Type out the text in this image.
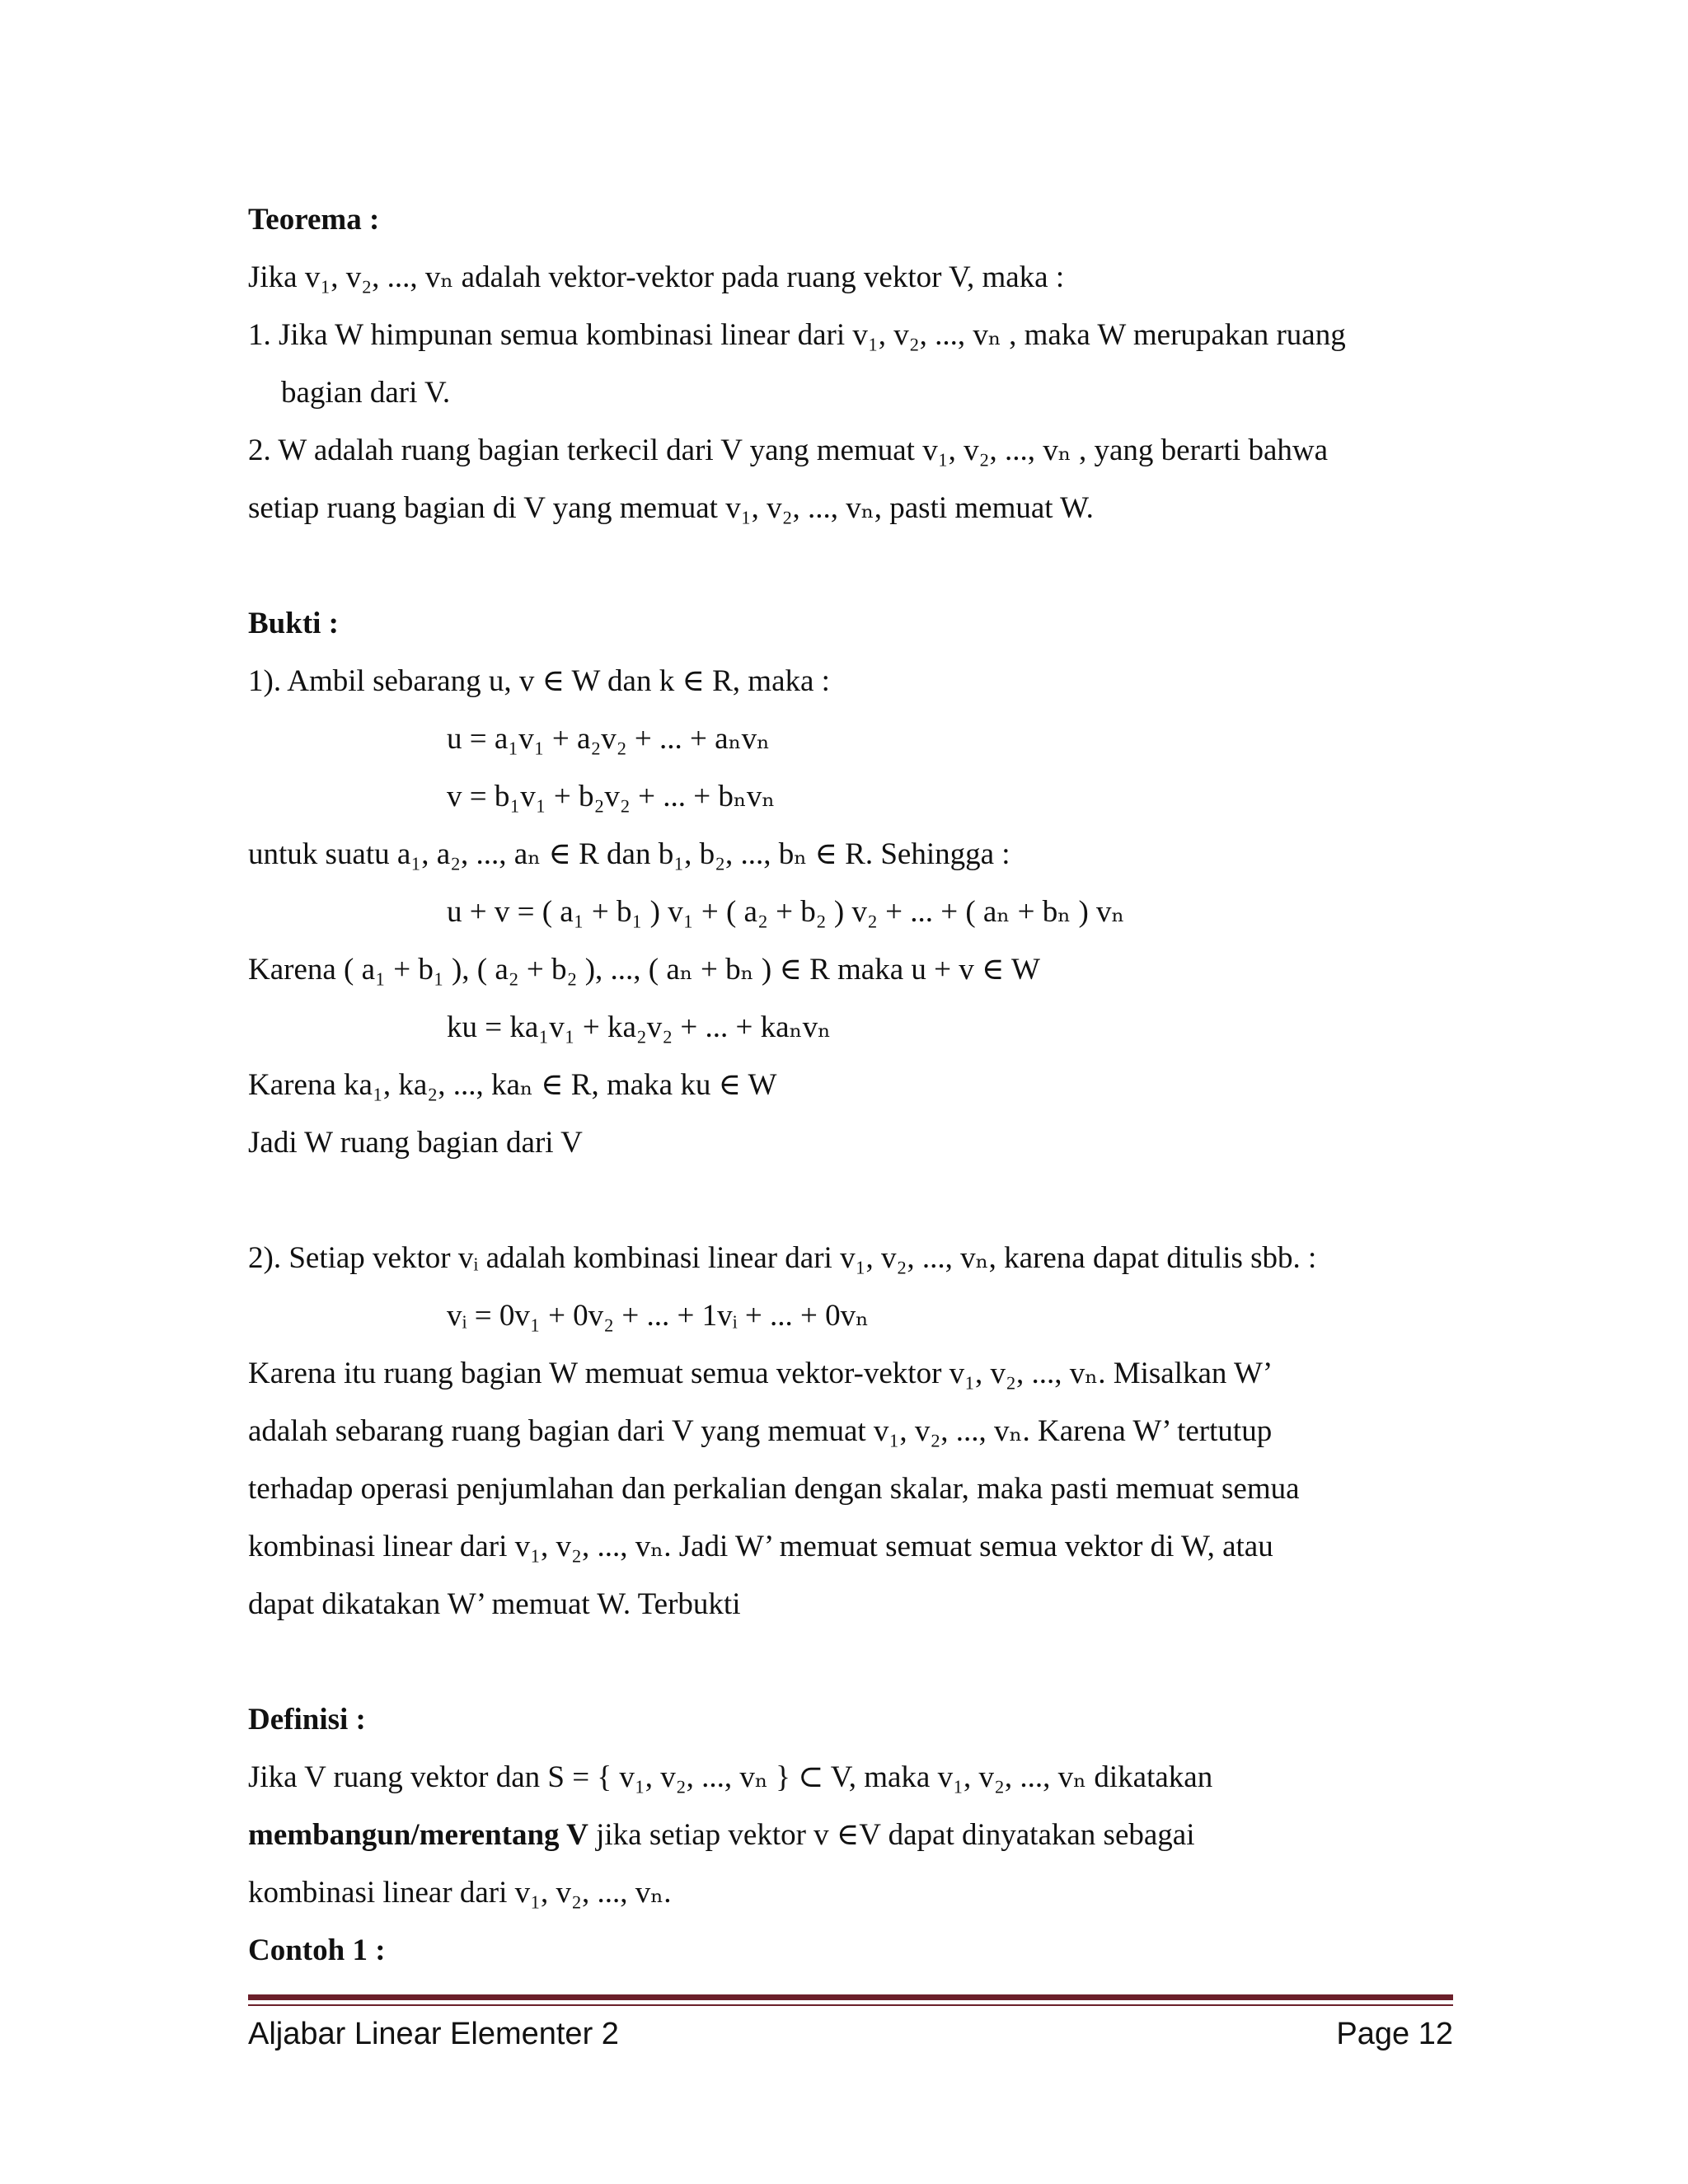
Teorema :
Jika v₁, v₂, ..., vₙ adalah vektor-vektor pada ruang vektor V, maka :
1. Jika W himpunan semua kombinasi linear dari v₁, v₂, ..., vₙ , maka W merupakan ruang
bagian dari V.
2. W adalah ruang bagian terkecil dari V yang memuat v₁, v₂, ..., vₙ , yang berarti bahwa
setiap ruang bagian di V yang memuat v₁, v₂, ..., vₙ, pasti memuat W.
Bukti :
1). Ambil sebarang u, v ∈ W dan k ∈ R, maka :
u = a₁v₁ + a₂v₂ + ... + aₙvₙ
v = b₁v₁ + b₂v₂ + ... + bₙvₙ
untuk suatu a₁, a₂, ..., aₙ ∈ R dan b₁, b₂, ..., bₙ ∈ R. Sehingga :
u + v = ( a₁ + b₁ ) v₁ + ( a₂ + b₂ ) v₂ + ... + ( aₙ + bₙ ) vₙ
Karena ( a₁ + b₁ ), ( a₂ + b₂ ), ..., ( aₙ + bₙ ) ∈ R maka u + v ∈ W
ku = ka₁v₁ + ka₂v₂ + ... + kaₙvₙ
Karena ka₁, ka₂, ..., kaₙ ∈ R, maka ku ∈ W
Jadi W ruang bagian dari V
2). Setiap vektor vᵢ adalah kombinasi linear dari v₁, v₂, ..., vₙ, karena dapat ditulis sbb. :
vᵢ = 0v₁ + 0v₂ + ... + 1vᵢ + ... + 0vₙ
Karena itu ruang bagian W memuat semua vektor-vektor v₁, v₂, ..., vₙ. Misalkan W’
adalah sebarang ruang bagian dari V yang memuat v₁, v₂, ..., vₙ. Karena W’ tertutup
terhadap operasi penjumlahan dan perkalian dengan skalar, maka pasti memuat semua
kombinasi linear dari v₁, v₂, ..., vₙ. Jadi W’ memuat semuat semua vektor di W, atau
dapat dikatakan W’ memuat W. Terbukti
Definisi :
Jika V ruang vektor dan S = { v₁, v₂, ..., vₙ } ⊂ V, maka v₁, v₂, ..., vₙ dikatakan
membangun/merentang V jika setiap vektor v ∈V dapat dinyatakan sebagai
kombinasi linear dari v₁, v₂, ..., vₙ.
Contoh 1 :
Aljabar Linear Elementer 2	Page 12
